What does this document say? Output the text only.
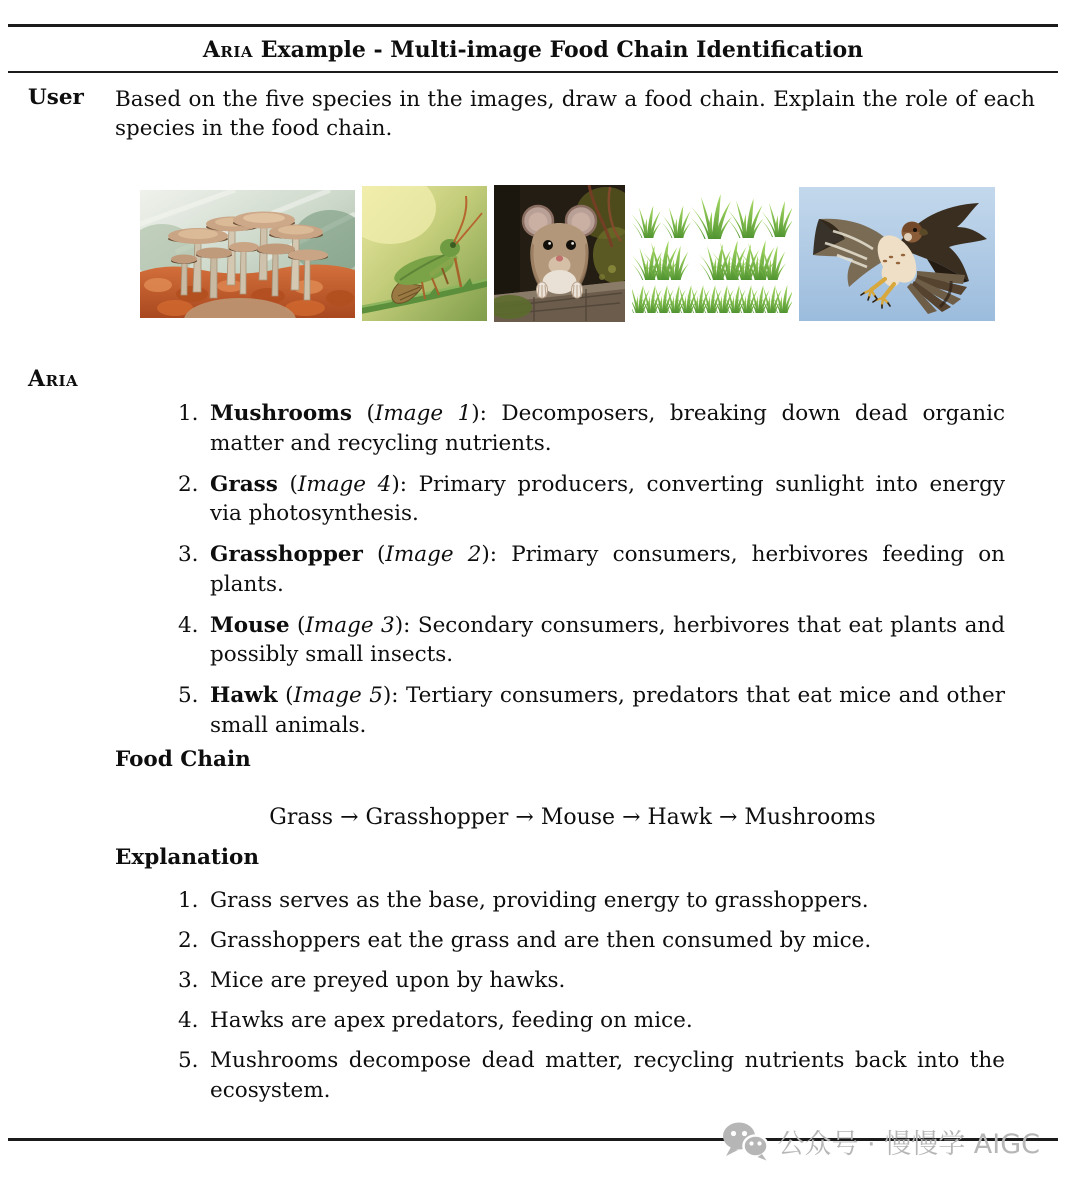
Aria Example - Multi-image Food Chain Identification
User Based on the five species in the images, draw a food chain. Explain the role of each species in the food chain.
Aria
1. Mushrooms (Image 1): Decomposers, breaking down dead organic matter and recycling nutrients.
2. Grass (Image 4): Primary producers, converting sunlight into energy via photosynthesis.
3. Grasshopper (Image 2): Primary consumers, herbivores feeding on plants.
4. Mouse (Image 3): Secondary consumers, herbivores that eat plants and possibly small insects.
5. Hawk (Image 5): Tertiary consumers, predators that eat mice and other small animals.
Food Chain
Grass → Grasshopper → Mouse → Hawk → Mushrooms
Explanation
1. Grass serves as the base, providing energy to grasshoppers.
2. Grasshoppers eat the grass and are then consumed by mice.
3. Mice are preyed upon by hawks.
4. Hawks are apex predators, feeding on mice.
5. Mushrooms decompose dead matter, recycling nutrients back into the ecosystem.
公众号 · 慢慢学 AIGC
